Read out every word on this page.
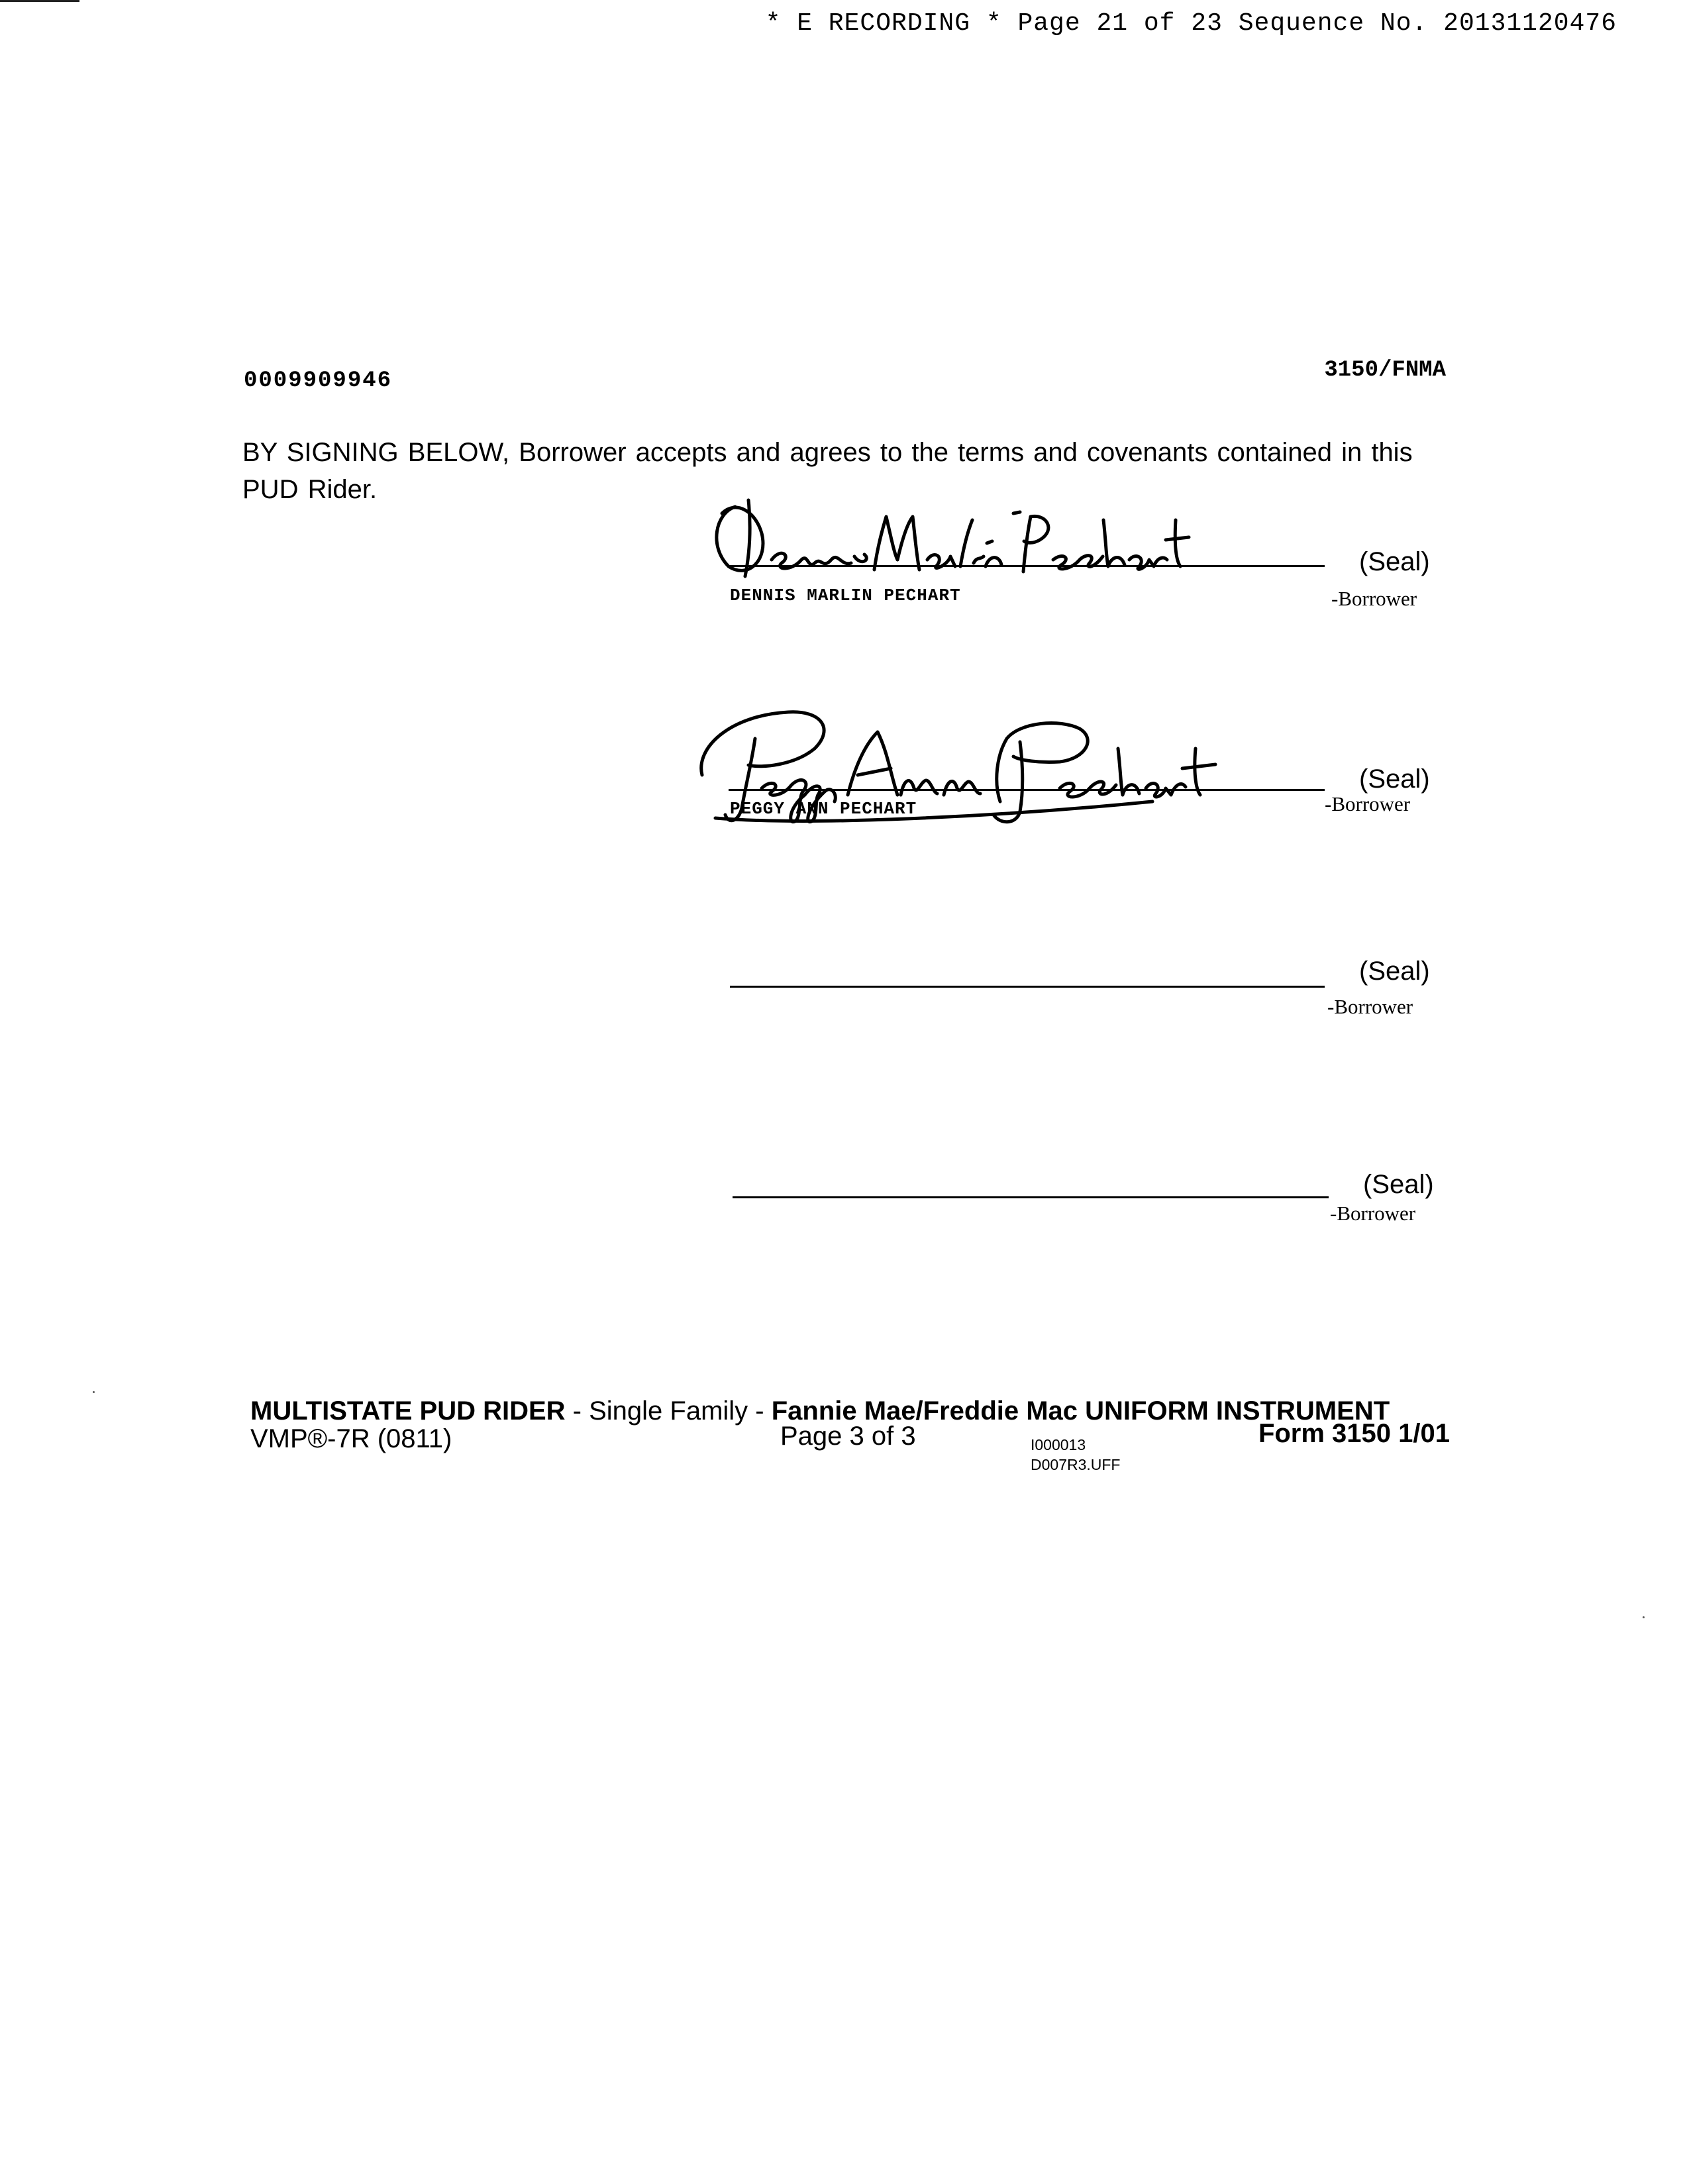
* E RECORDING * Page 21 of 23 Sequence No. 20131120476
0009909946	3150/FNMA
BY SIGNING BELOW, Borrower accepts and agrees to the terms and covenants contained in this PUD Rider.
(Seal)
-Borrower
DENNIS MARLIN PECHART
(Seal)
-Borrower
PEGGY ANN PECHART
(Seal)
-Borrower
(Seal)
-Borrower
MULTISTATE PUD RIDER - Single Family - Fannie Mae/Freddie Mac UNIFORM INSTRUMENT
VMP®-7R (0811)	Page 3 of 3	I000013
D007R3.UFF
Form 3150 1/01
